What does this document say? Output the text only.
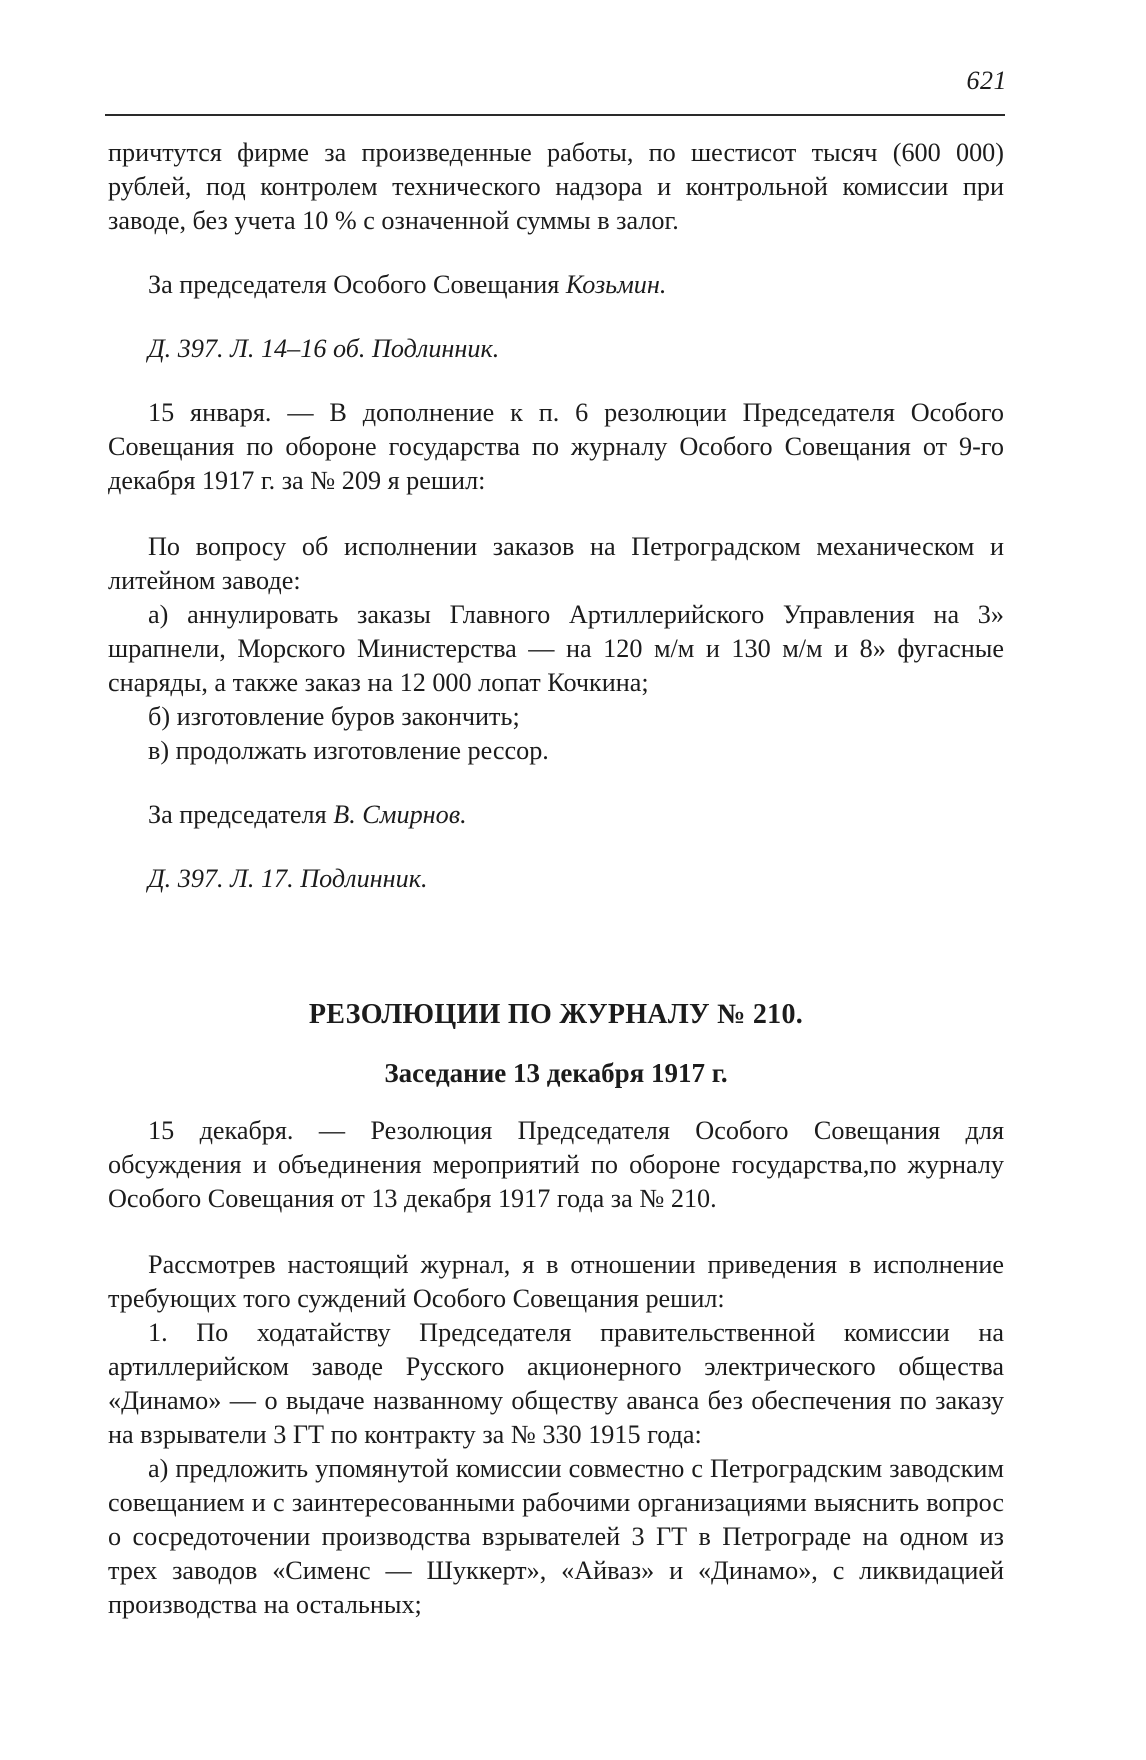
621

причтутся фирме за произведенные работы, по шестисот тысяч (600 000) рублей, под контролем технического надзора и контрольной комиссии при заводе, без учета 10 % с означенной суммы в залог.

За председателя Особого Совещания Козьмин.

Д. 397. Л. 14–16 об. Подлинник.

15 января. — В дополнение к п. 6 резолюции Председателя Особого Совещания по обороне государства по журналу Особого Совещания от 9-го декабря 1917 г. за № 209 я решил:

По вопросу об исполнении заказов на Петроградском механическом и литейном заводе:

а) аннулировать заказы Главного Артиллерийского Управления на 3» шрапнели, Морского Министерства — на 120 м/м и 130 м/м и 8» фугасные снаряды, а также заказ на 12 000 лопат Кочкина;

б) изготовление буров закончить;

в) продолжать изготовление рессор.

За председателя В. Смирнов.

Д. 397. Л. 17. Подлинник.

РЕЗОЛЮЦИИ ПО ЖУРНАЛУ № 210.
Заседание 13 декабря 1917 г.

15 декабря. — Резолюция Председателя Особого Совещания для обсуждения и объединения мероприятий по обороне государства,по журналу Особого Совещания от 13 декабря 1917 года за № 210.

Рассмотрев настоящий журнал, я в отношении приведения в исполнение требующих того суждений Особого Совещания решил:

1. По ходатайству Председателя правительственной комиссии на артиллерийском заводе Русского акционерного электрического общества «Динамо» — о выдаче названному обществу аванса без обеспечения по заказу на взрыватели 3 ГТ по контракту за № 330 1915 года:

а) предложить упомянутой комиссии совместно с Петроградским заводским совещанием и с заинтересованными рабочими организациями выяснить вопрос о сосредоточении производства взрывателей 3 ГТ в Петрограде на одном из трех заводов «Сименс — Шуккерт», «Айваз» и «Динамо», с ликвидацией производства на остальных;
